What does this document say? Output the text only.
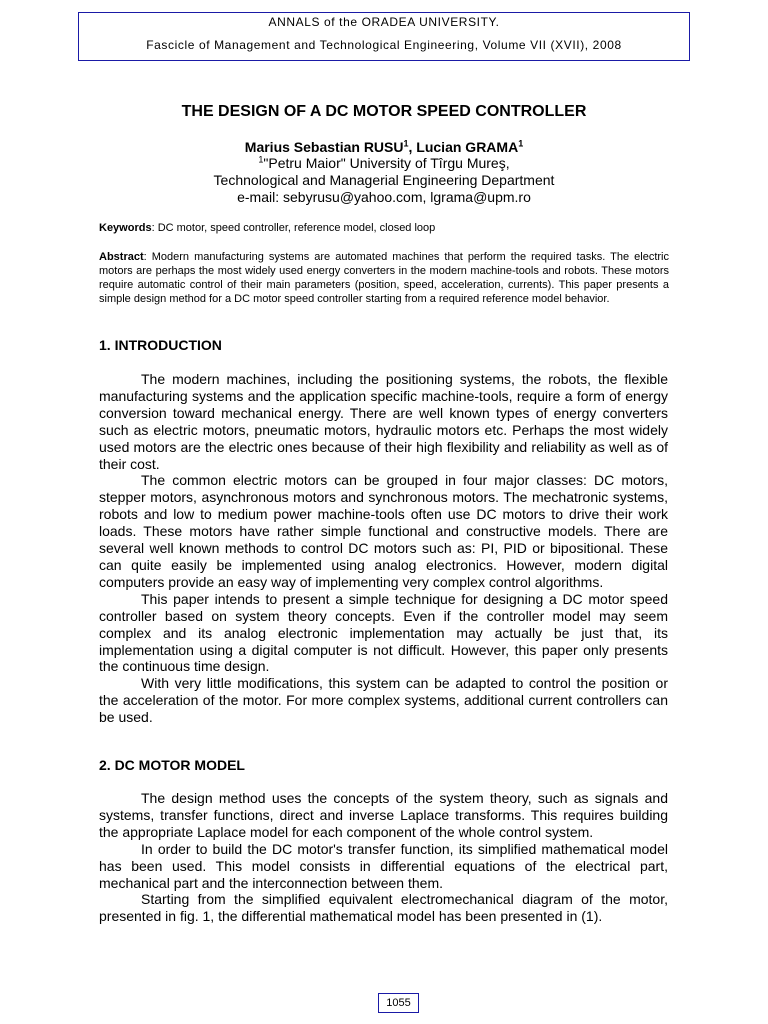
ANNALS of the ORADEA UNIVERSITY.
Fascicle of Management and Technological Engineering, Volume VII (XVII), 2008
THE DESIGN OF A DC MOTOR SPEED CONTROLLER
Marius Sebastian RUSU$^1$, Lucian GRAMA$^1$
$^1$"Petru Maior" University of Tîrgu Mureş,
Technological and Managerial Engineering Department
e-mail: sebyrusu@yahoo.com, lgrama@upm.ro
Keywords: DC motor, speed controller, reference model, closed loop
Abstract: Modern manufacturing systems are automated machines that perform the required tasks. The electric motors are perhaps the most widely used energy converters in the modern machine-tools and robots. These motors require automatic control of their main parameters (position, speed, acceleration, currents). This paper presents a simple design method for a DC motor speed controller starting from a required reference model behavior.
1. INTRODUCTION

The modern machines, including the positioning systems, the robots, the flexible manufacturing systems and the application specific machine-tools, require a form of energy conversion toward mechanical energy. There are well known types of energy converters such as electric motors, pneumatic motors, hydraulic motors etc. Perhaps the most widely used motors are the electric ones because of their high flexibility and reliability as well as of their cost.

The common electric motors can be grouped in four major classes: DC motors, stepper motors, asynchronous motors and synchronous motors. The mechatronic systems, robots and low to medium power machine-tools often use DC motors to drive their work loads. These motors have rather simple functional and constructive models. There are several well known methods to control DC motors such as: PI, PID or bipositional. These can quite easily be implemented using analog electronics. However, modern digital computers provide an easy way of implementing very complex control algorithms.

This paper intends to present a simple technique for designing a DC motor speed controller based on system theory concepts. Even if the controller model may seem complex and its analog electronic implementation may actually be just that, its implementation using a digital computer is not difficult. However, this paper only presents the continuous time design.

With very little modifications, this system can be adapted to control the position or the acceleration of the motor. For more complex systems, additional current controllers can be used.

2. DC MOTOR MODEL

The design method uses the concepts of the system theory, such as signals and systems, transfer functions, direct and inverse Laplace transforms. This requires building the appropriate Laplace model for each component of the whole control system.

In order to build the DC motor's transfer function, its simplified mathematical model has been used. This model consists in differential equations of the electrical part, mechanical part and the interconnection between them.

Starting from the simplified equivalent electromechanical diagram of the motor, presented in fig. 1, the differential mathematical model has been presented in (1).

1055
